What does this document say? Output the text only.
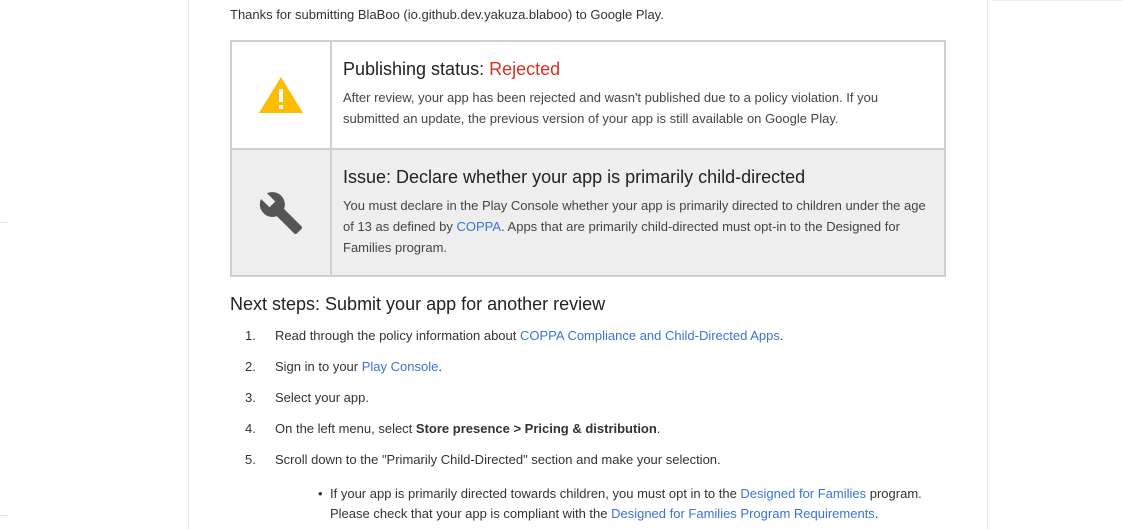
Thanks for submitting BlaBoo (io.github.dev.yakuza.blaboo) to Google Play.
Publishing status: Rejected
After review, your app has been rejected and wasn't published due to a policy violation. If you submitted an update, the previous version of your app is still available on Google Play.
Issue: Declare whether your app is primarily child-directed
You must declare in the Play Console whether your app is primarily directed to children under the age of 13 as defined by COPPA. Apps that are primarily child-directed must opt-in to the Designed for Families program.
Next steps: Submit your app for another review
1.	Read through the policy information about COPPA Compliance and Child-Directed Apps.
2.	Sign in to your Play Console.
3.	Select your app.
4.	On the left menu, select Store presence > Pricing & distribution.
5.	Scroll down to the "Primarily Child-Directed" section and make your selection.
• If your app is primarily directed towards children, you must opt in to the Designed for Families program.
Please check that your app is compliant with the Designed for Families Program Requirements.
